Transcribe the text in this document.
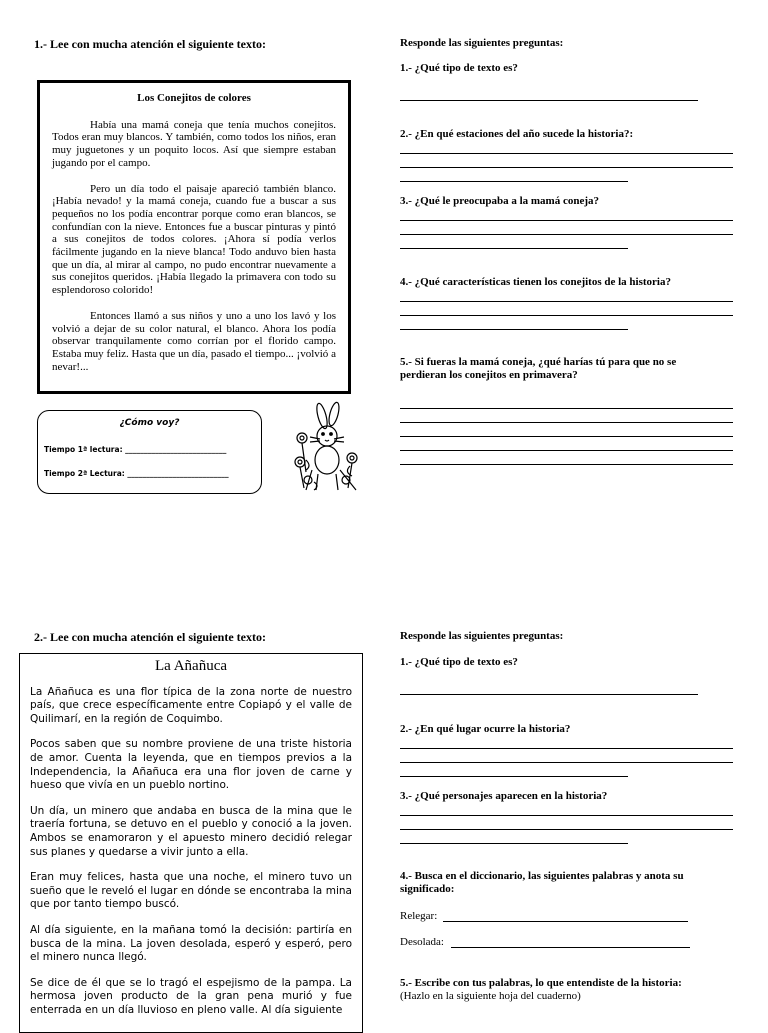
1.- Lee con mucha atención el siguiente texto:
Los Conejitos de colores

Había una mamá coneja que tenía muchos conejitos. Todos eran muy blancos. Y también, como todos los niños, eran muy juguetones y un poquito locos. Así que siempre estaban jugando por el campo.

Pero un día todo el paisaje apareció también blanco. ¡Había nevado! y la mamá coneja, cuando fue a buscar a sus pequeños no los podía encontrar porque como eran blancos, se confundían con la nieve. Entonces fue a buscar pinturas y pintó a sus conejitos de todos colores. ¡Ahora sí podía verlos fácilmente jugando en la nieve blanca! Todo anduvo bien hasta que un día, al mirar al campo, no pudo encontrar nuevamente a sus conejitos queridos. ¡Había llegado la primavera con todo su esplendoroso colorido!

Entonces llamó a sus niños y uno a uno los lavó y los volvió a dejar de su color natural, el blanco. Ahora los podía observar tranquilamente como corrían por el florido campo. Estaba muy feliz. Hasta que un día, pasado el tiempo... ¡volvió a nevar!...

¿Cómo voy?
Tiempo 1ª lectura: ___________________________
Tiempo 2ª Lectura: ___________________________
Responde las siguientes preguntas:
1.- ¿Qué tipo de texto es?
2.- ¿En qué estaciones del año sucede la historia?:
3.- ¿Qué le preocupaba a la mamá coneja?
4.- ¿Qué características tienen los conejitos de la historia?
5.- Si fueras la mamá coneja, ¿qué harías tú para que no se perdieran los conejitos en primavera?
2.- Lee con mucha atención el siguiente texto:
La Añañuca

La Añañuca es una flor típica de la zona norte de nuestro país, que crece específicamente entre Copiapó y el valle de Quilimarí, en la región de Coquimbo.

Pocos saben que su nombre proviene de una triste historia de amor. Cuenta la leyenda, que en tiempos previos a la Independencia, la Añañuca era una flor joven de carne y hueso que vivía en un pueblo nortino.

Un día, un minero que andaba en busca de la mina que le traería fortuna, se detuvo en el pueblo y conoció a la joven. Ambos se enamoraron y el apuesto minero decidió relegar sus planes y quedarse a vivir junto a ella.

Eran muy felices, hasta que una noche, el minero tuvo un sueño que le reveló el lugar en dónde se encontraba la mina que por tanto tiempo buscó.

Al día siguiente, en la mañana tomó la decisión: partiría en busca de la mina. La joven desolada, esperó y esperó, pero el minero nunca llegó.

Se dice de él que se lo tragó el espejismo de la pampa. La hermosa joven producto de la gran pena murió y fue enterrada en un día lluvioso en pleno valle. Al día siguiente

Responde las siguientes preguntas:
1.- ¿Qué tipo de texto es?
2.- ¿En qué lugar ocurre la historia?
3.- ¿Qué personajes aparecen en la historia?
4.- Busca en el diccionario, las siguientes palabras y anota su significado:
Relegar:
Desolada:
5.- Escribe con tus palabras, lo que entendiste de la historia:
(Hazlo en la siguiente hoja del cuaderno)
